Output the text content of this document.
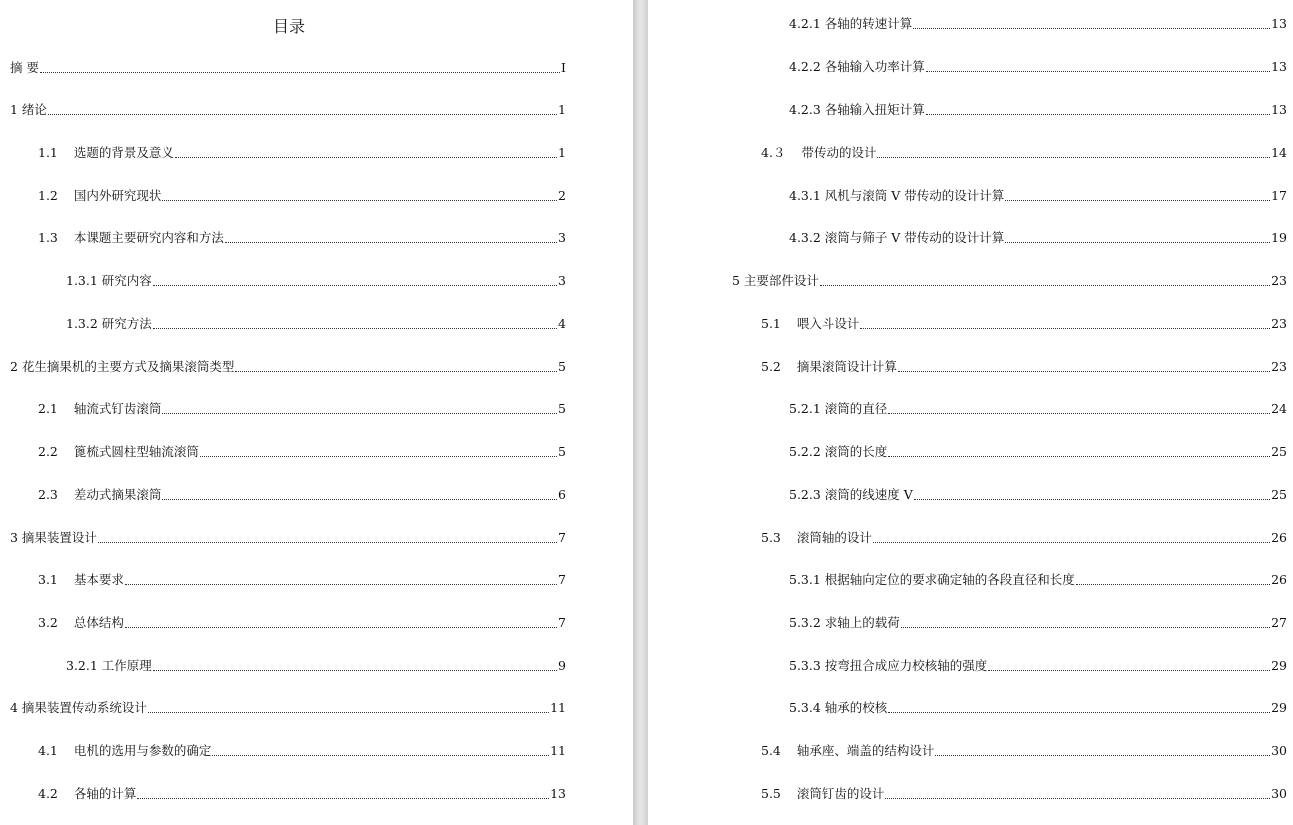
目录
摘 要	I
1 绪论	1
1.1 选题的背景及意义	1
1.2 国内外研究现状	2
1.3 本课题主要研究内容和方法	3
1.3.1 研究内容	3
1.3.2 研究方法	4
2 花生摘果机的主要方式及摘果滚筒类型	5
2.1 轴流式钉齿滚筒	5
2.2 篦梳式圆柱型轴流滚筒	5
2.3 差动式摘果滚筒	6
3 摘果装置设计	7
3.1 基本要求	7
3.2 总体结构	7
3.2.1 工作原理	9
4 摘果装置传动系统设计	11
4.1 电机的选用与参数的确定	11
4.2 各轴的计算	13
4.2.1 各轴的转速计算	13
4.2.2 各轴输入功率计算	13
4.2.3 各轴输入扭矩计算	13
4.３ 带传动的设计	14
4.3.1 风机与滚筒 V 带传动的设计计算	17
4.3.2 滚筒与筛子 V 带传动的设计计算	19
5 主要部件设计	23
5.1 喂入斗设计	23
5.2 摘果滚筒设计计算	23
5.2.1 滚筒的直径	24
5.2.2 滚筒的长度	25
5.2.3 滚筒的线速度 V	25
5.3 滚筒轴的设计	26
5.3.1 根据轴向定位的要求确定轴的各段直径和长度	26
5.3.2 求轴上的载荷	27
5.3.3 按弯扭合成应力校核轴的强度	29
5.3.4 轴承的校核	29
5.4 轴承座、端盖的结构设计	30
5.5 滚筒钉齿的设计	30
